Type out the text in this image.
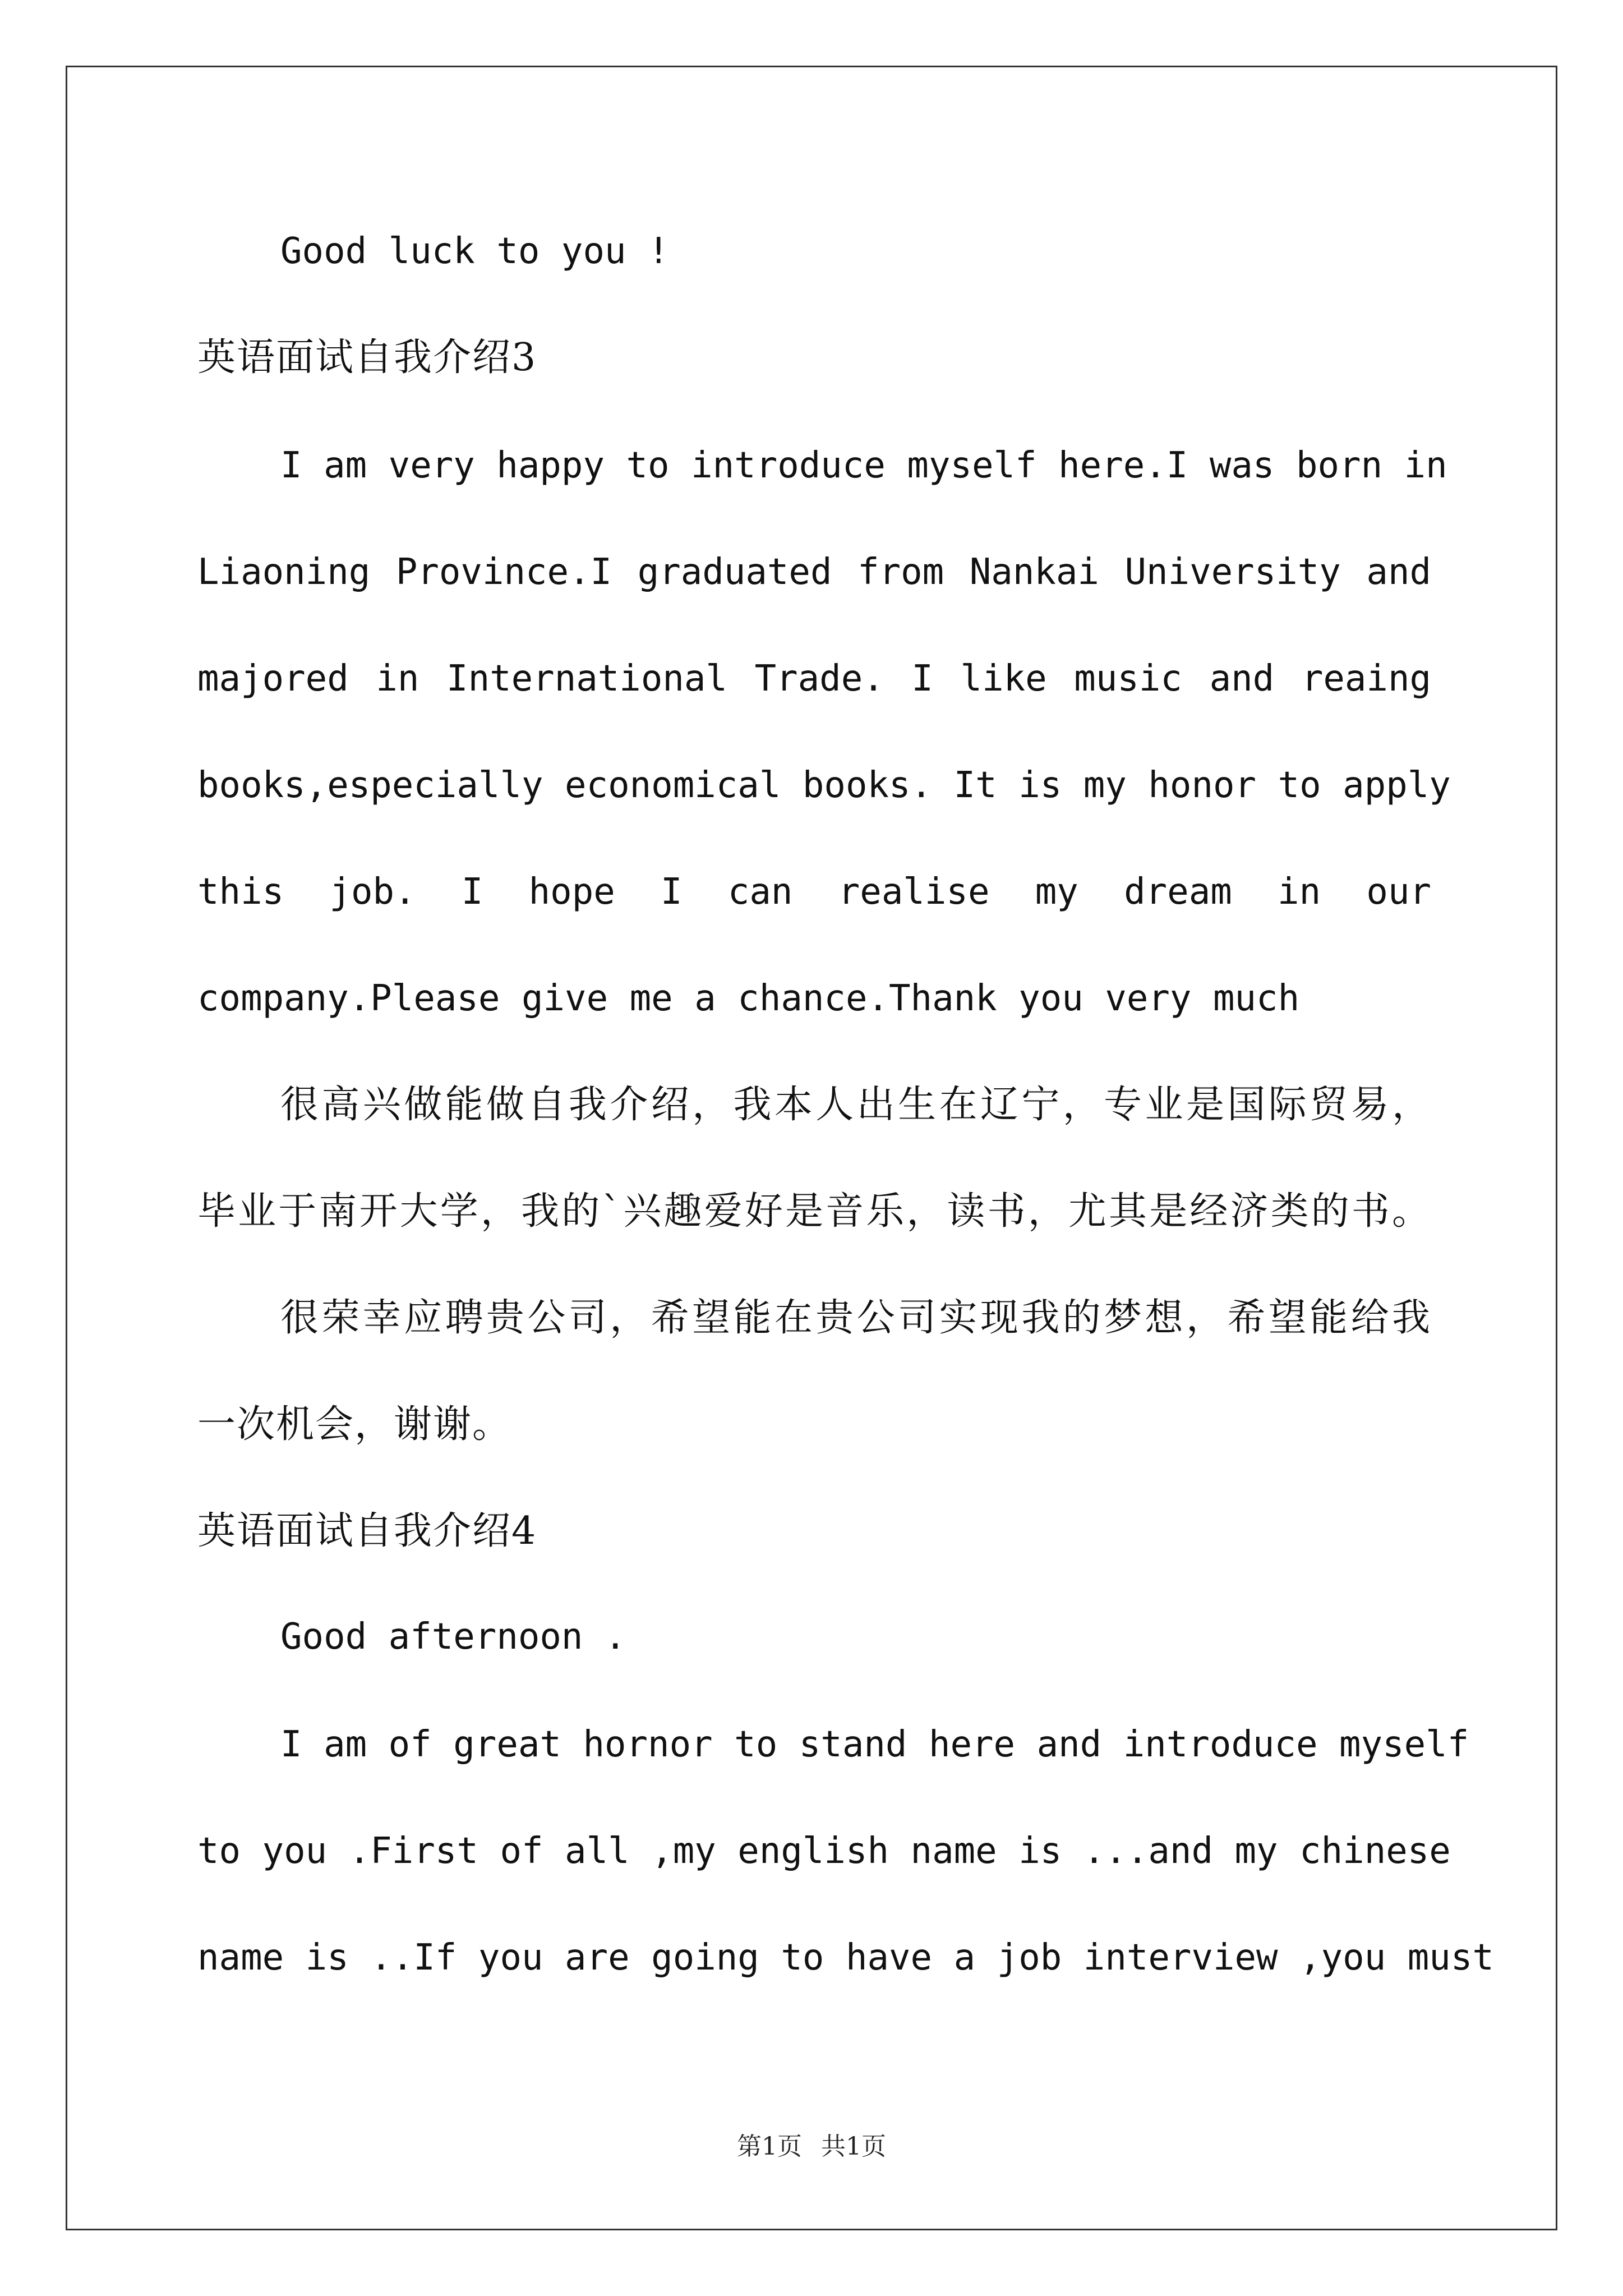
Good luck to you !
英语面试自我介绍3
I am very happy to introduce myself here.I was born in
Liaoning Province.I graduated from Nankai University and
majored in International Trade. I like music and reaing
books,especially economical books. It is my honor to apply
this job. I hope I can realise my dream in our
company.Please give me a chance.Thank you very much
很高兴做能做自我介绍，我本人出生在辽宁，专业是国际贸易，
毕业于南开大学，我的`兴趣爱好是音乐，读书，尤其是经济类的书。
很荣幸应聘贵公司，希望能在贵公司实现我的梦想，希望能给我
一次机会，谢谢。
英语面试自我介绍4
Good afternoon .
I am of great hornor to stand here and introduce myself
to you .First of all ,my english name is ...and my chinese
name is ..If you are going to have a job interview ,you must
第1页 共1页
